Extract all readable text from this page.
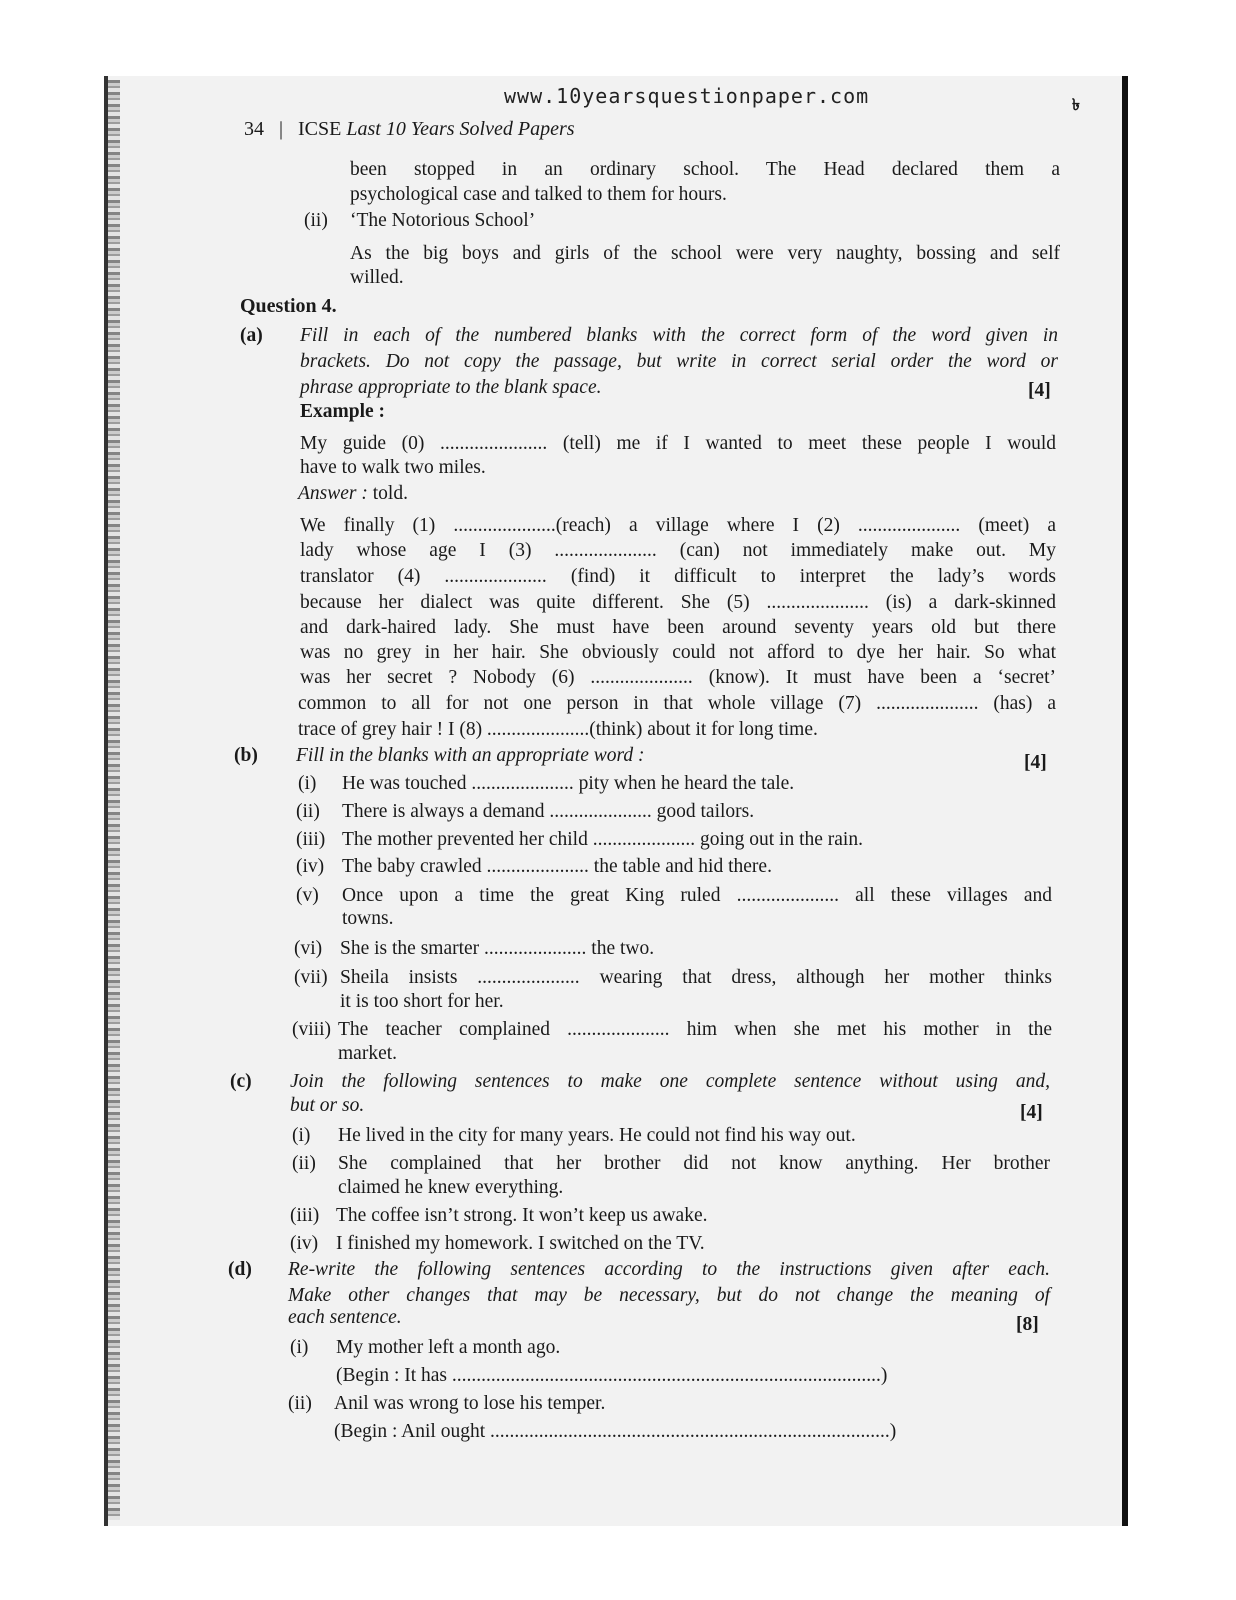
www.10yearsquestionpaper.com	৳
34 | ICSE Last 10 Years Solved Papers
been stopped in an ordinary school. The Head declared them a
psychological case and talked to them for hours.
(ii) ‘The Notorious School’
As the big boys and girls of the school were very naughty, bossing and self
willed.
Question 4.
(a) Fill in each of the numbered blanks with the correct form of the word given in
brackets. Do not copy the passage, but write in correct serial order the word or
phrase appropriate to the blank space.	[4]
Example :
My guide (0) ...................... (tell) me if I wanted to meet these people I would
have to walk two miles.
Answer : told.
We finally (1) .....................(reach) a village where I (2) ..................... (meet) a
lady whose age I (3) ..................... (can) not immediately make out. My
translator (4) ..................... (find) it difficult to interpret the lady’s words
because her dialect was quite different. She (5) ..................... (is) a dark-skinned
and dark-haired lady. She must have been around seventy years old but there
was no grey in her hair. She obviously could not afford to dye her hair. So what
was her secret ? Nobody (6) ..................... (know). It must have been a ‘secret’
common to all for not one person in that whole village (7) ..................... (has) a
trace of grey hair ! I (8) .....................(think) about it for long time.
(b) Fill in the blanks with an appropriate word :	[4]
(i) He was touched ..................... pity when he heard the tale.
(ii) There is always a demand ..................... good tailors.
(iii) The mother prevented her child ..................... going out in the rain.
(iv) The baby crawled ..................... the table and hid there.
(v) Once upon a time the great King ruled ..................... all these villages and
towns.
(vi) She is the smarter ..................... the two.
(vii) Sheila insists ..................... wearing that dress, although her mother thinks
it is too short for her.
(viii) The teacher complained ..................... him when she met his mother in the
market.
(c) Join the following sentences to make one complete sentence without using and,
but or so.	[4]
(i) He lived in the city for many years. He could not find his way out.
(ii) She complained that her brother did not know anything. Her brother
claimed he knew everything.
(iii) The coffee isn’t strong. It won’t keep us awake.
(iv) I finished my homework. I switched on the TV.
(d) Re-write the following sentences according to the instructions given after each.
Make other changes that may be necessary, but do not change the meaning of
each sentence.	[8]
(i) My mother left a month ago.
(Begin : It has ........................................................................................)
(ii) Anil was wrong to lose his temper.
(Begin : Anil ought ..................................................................................)
